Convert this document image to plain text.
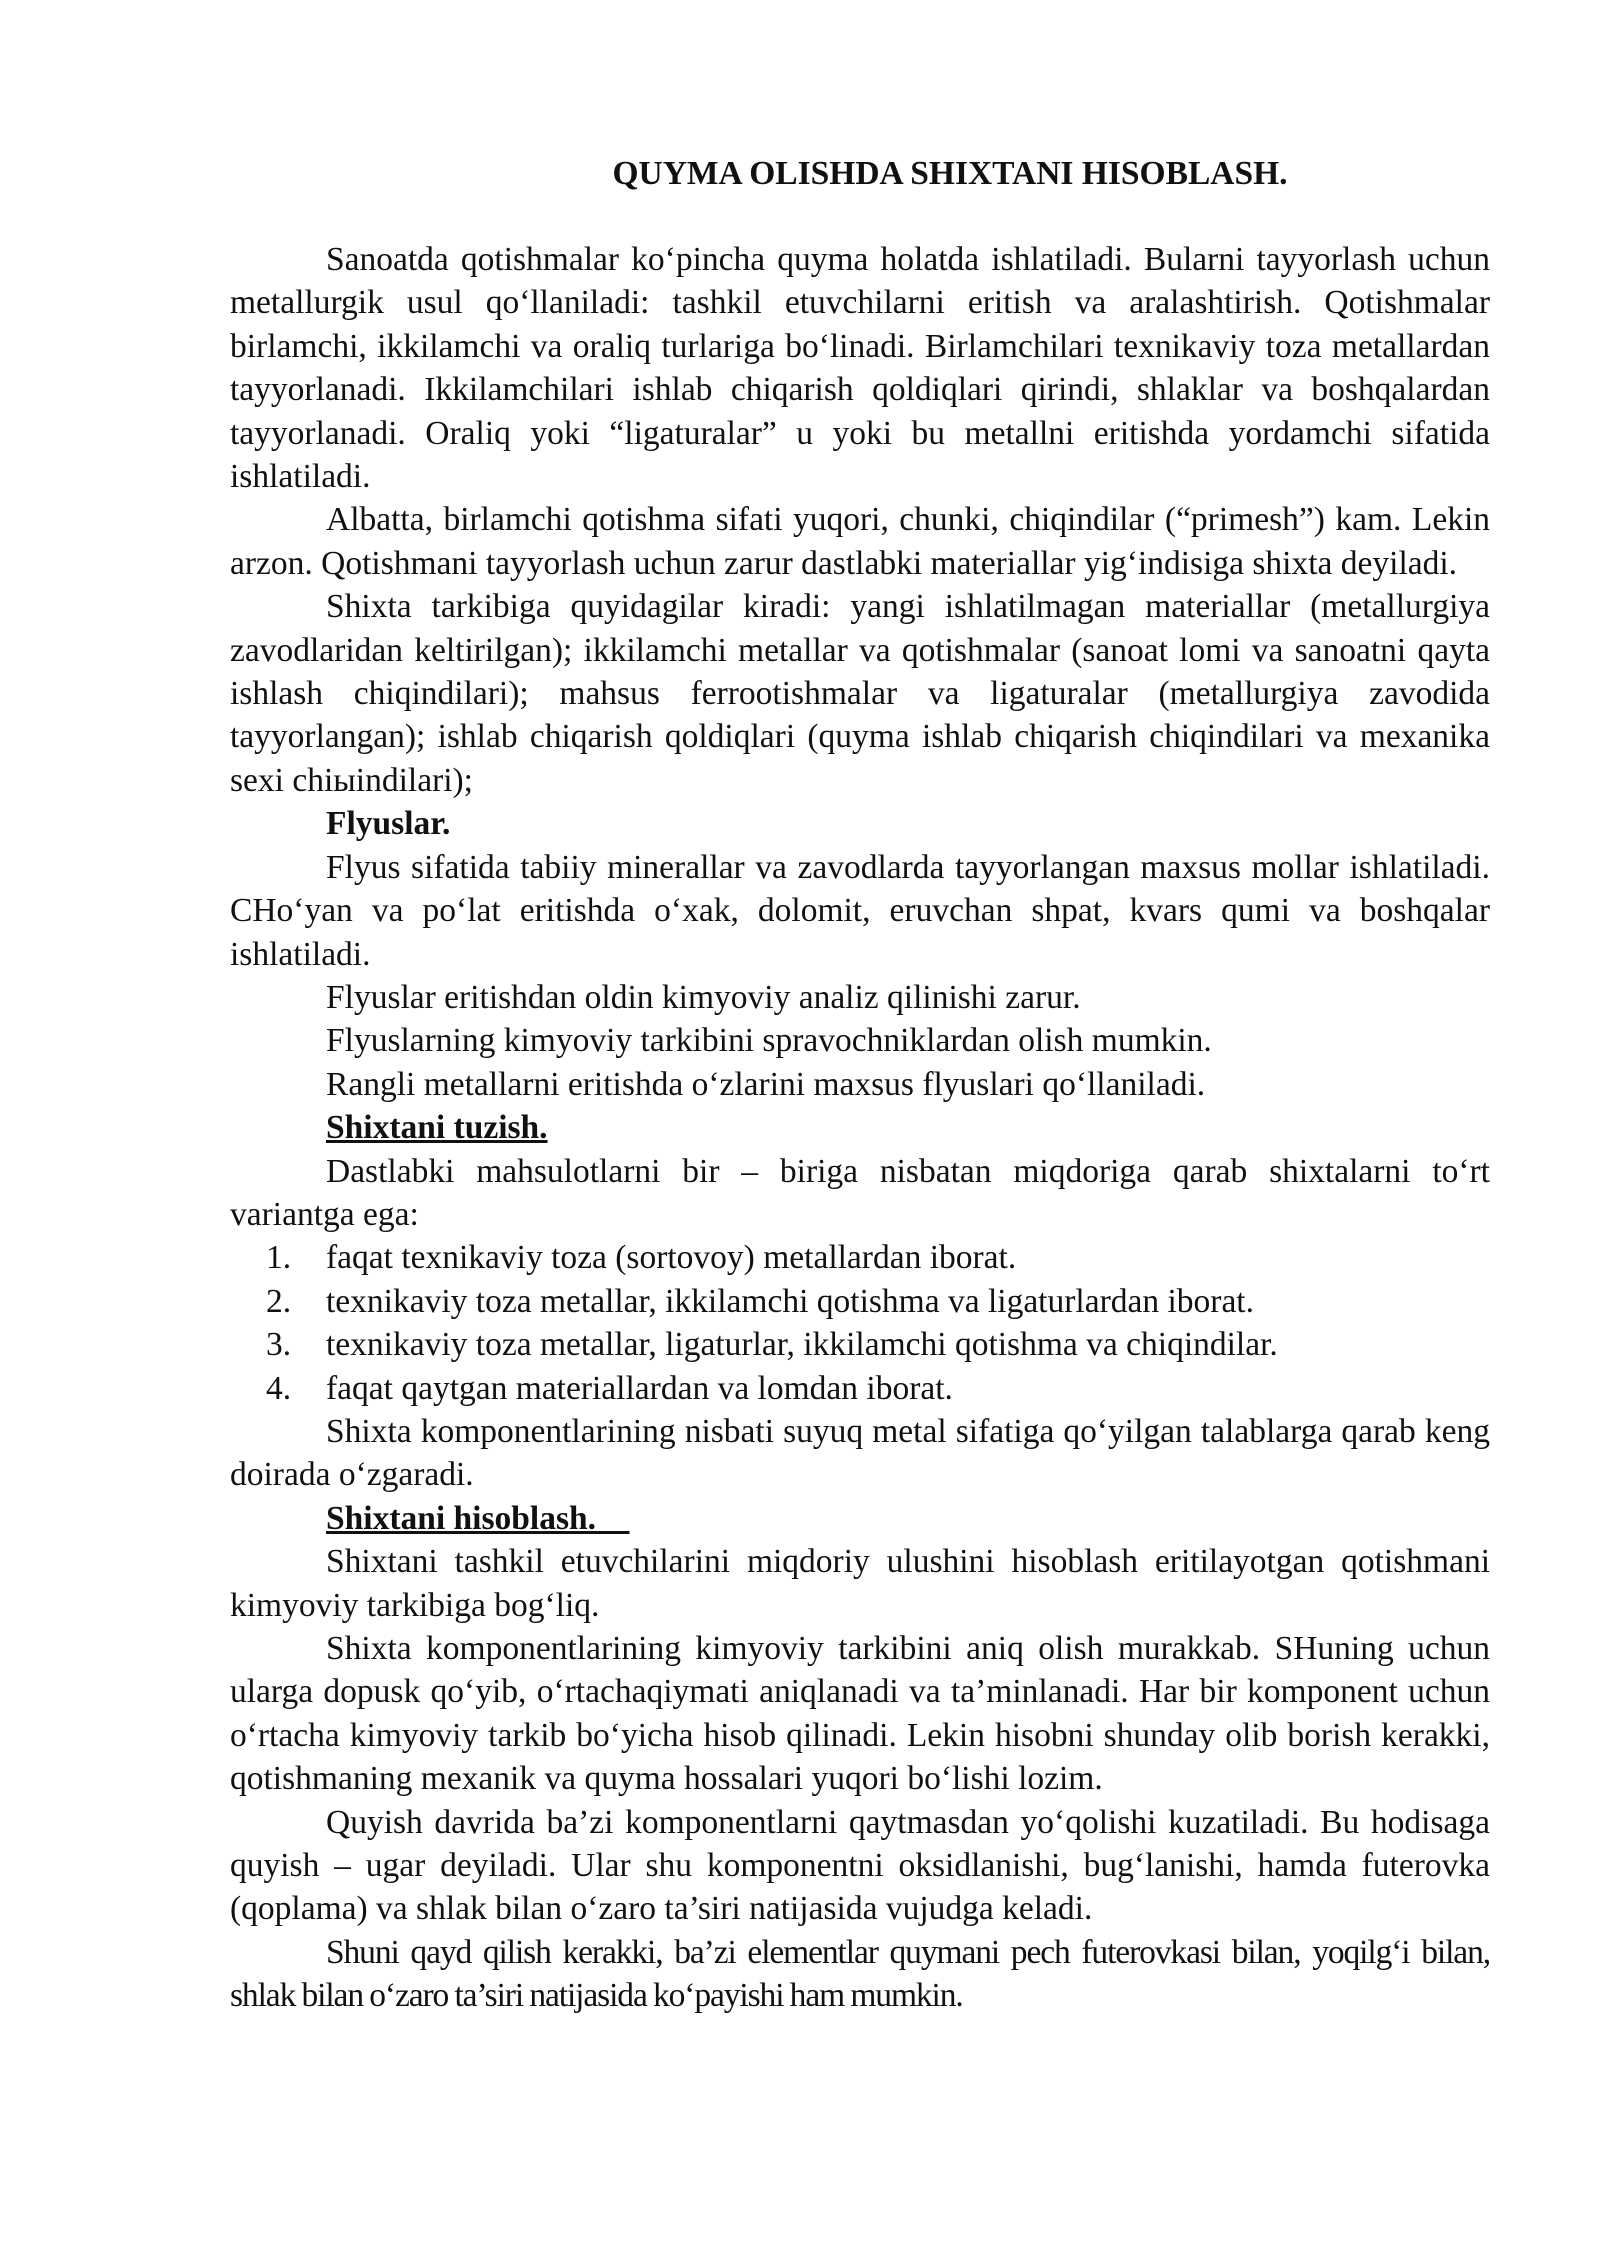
QUYMA OLISHDA SHIXTANI HISOBLASH.

Sanoatda qotishmalar ko‘pincha quyma holatda ishlatiladi. Bularni tayyorlash uchun metallurgik usul qo‘llaniladi: tashkil etuvchilarni eritish va aralashtirish. Qotishmalar birlamchi, ikkilamchi va oraliq turlariga bo‘linadi. Birlamchilari texnikaviy toza metallardan tayyorlanadi. Ikkilamchilari ishlab chiqarish qoldiqlari qirindi, shlaklar va boshqalardan tayyorlanadi. Oraliq yoki “ligaturalar” u yoki bu metallni eritishda yordamchi sifatida ishlatiladi.

Albatta, birlamchi qotishma sifati yuqori, chunki, chiqindilar (“primesh”) kam. Lekin arzon. Qotishmani tayyorlash uchun zarur dastlabki materiallar yig‘indisiga shixta deyiladi.

Shixta tarkibiga quyidagilar kiradi: yangi ishlatilmagan materiallar (metallurgiya zavodlaridan keltirilgan); ikkilamchi metallar va qotishmalar (sanoat lomi va sanoatni qayta ishlash chiqindilari); mahsus ferrootishmalar va ligaturalar (metallurgiya zavodida tayyorlangan); ishlab chiqarish qoldiqlari (quyma ishlab chiqarish chiqindilari va mexanika sexi chiыindilari);

Flyuslar.

Flyus sifatida tabiiy minerallar va zavodlarda tayyorlangan maxsus mollar ishlatiladi. CHo‘yan va po‘lat eritishda o‘xak, dolomit, eruvchan shpat, kvars qumi va boshqalar ishlatiladi.

Flyuslar eritishdan oldin kimyoviy analiz qilinishi zarur.

Flyuslarning kimyoviy tarkibini spravochniklardan olish mumkin.

Rangli metallarni eritishda o‘zlarini maxsus flyuslari qo‘llaniladi.

Shixtani tuzish.

Dastlabki mahsulotlarni bir – biriga nisbatan miqdoriga qarab shixtalarni to‘rt variantga ega:

1.	faqat texnikaviy toza (sortovoy) metallardan iborat.
2.	texnikaviy toza metallar, ikkilamchi qotishma va ligaturlardan iborat.
3.	texnikaviy toza metallar, ligaturlar, ikkilamchi qotishma va chiqindilar.
4.	faqat qaytgan materiallardan va lomdan iborat.

Shixta komponentlarining nisbati suyuq metal sifatiga qo‘yilgan talablarga qarab keng doirada o‘zgaradi.

Shixtani hisoblash.

Shixtani tashkil etuvchilarini miqdoriy ulushini hisoblash eritilayotgan qotishmani kimyoviy tarkibiga bog‘liq.

Shixta komponentlarining kimyoviy tarkibini aniq olish murakkab. SHuning uchun ularga dopusk qo‘yib, o‘rtachaqiymati aniqlanadi va ta’minlanadi. Har bir komponent uchun o‘rtacha kimyoviy tarkib bo‘yicha hisob qilinadi. Lekin hisobni shunday olib borish kerakki, qotishmaning mexanik va quyma hossalari yuqori bo‘lishi lozim.

Quyish davrida ba’zi komponentlarni qaytmasdan yo‘qolishi kuzatiladi. Bu hodisaga quyish – ugar deyiladi. Ular shu komponentni oksidlanishi, bug‘lanishi, hamda futerovka (qoplama) va shlak bilan o‘zaro ta’siri natijasida vujudga keladi.

Shuni qayd qilish kerakki, ba’zi elementlar quymani pech futerovkasi bilan, yoqilg‘i bilan, shlak bilan o‘zaro ta’siri natijasida ko‘payishi ham mumkin.
